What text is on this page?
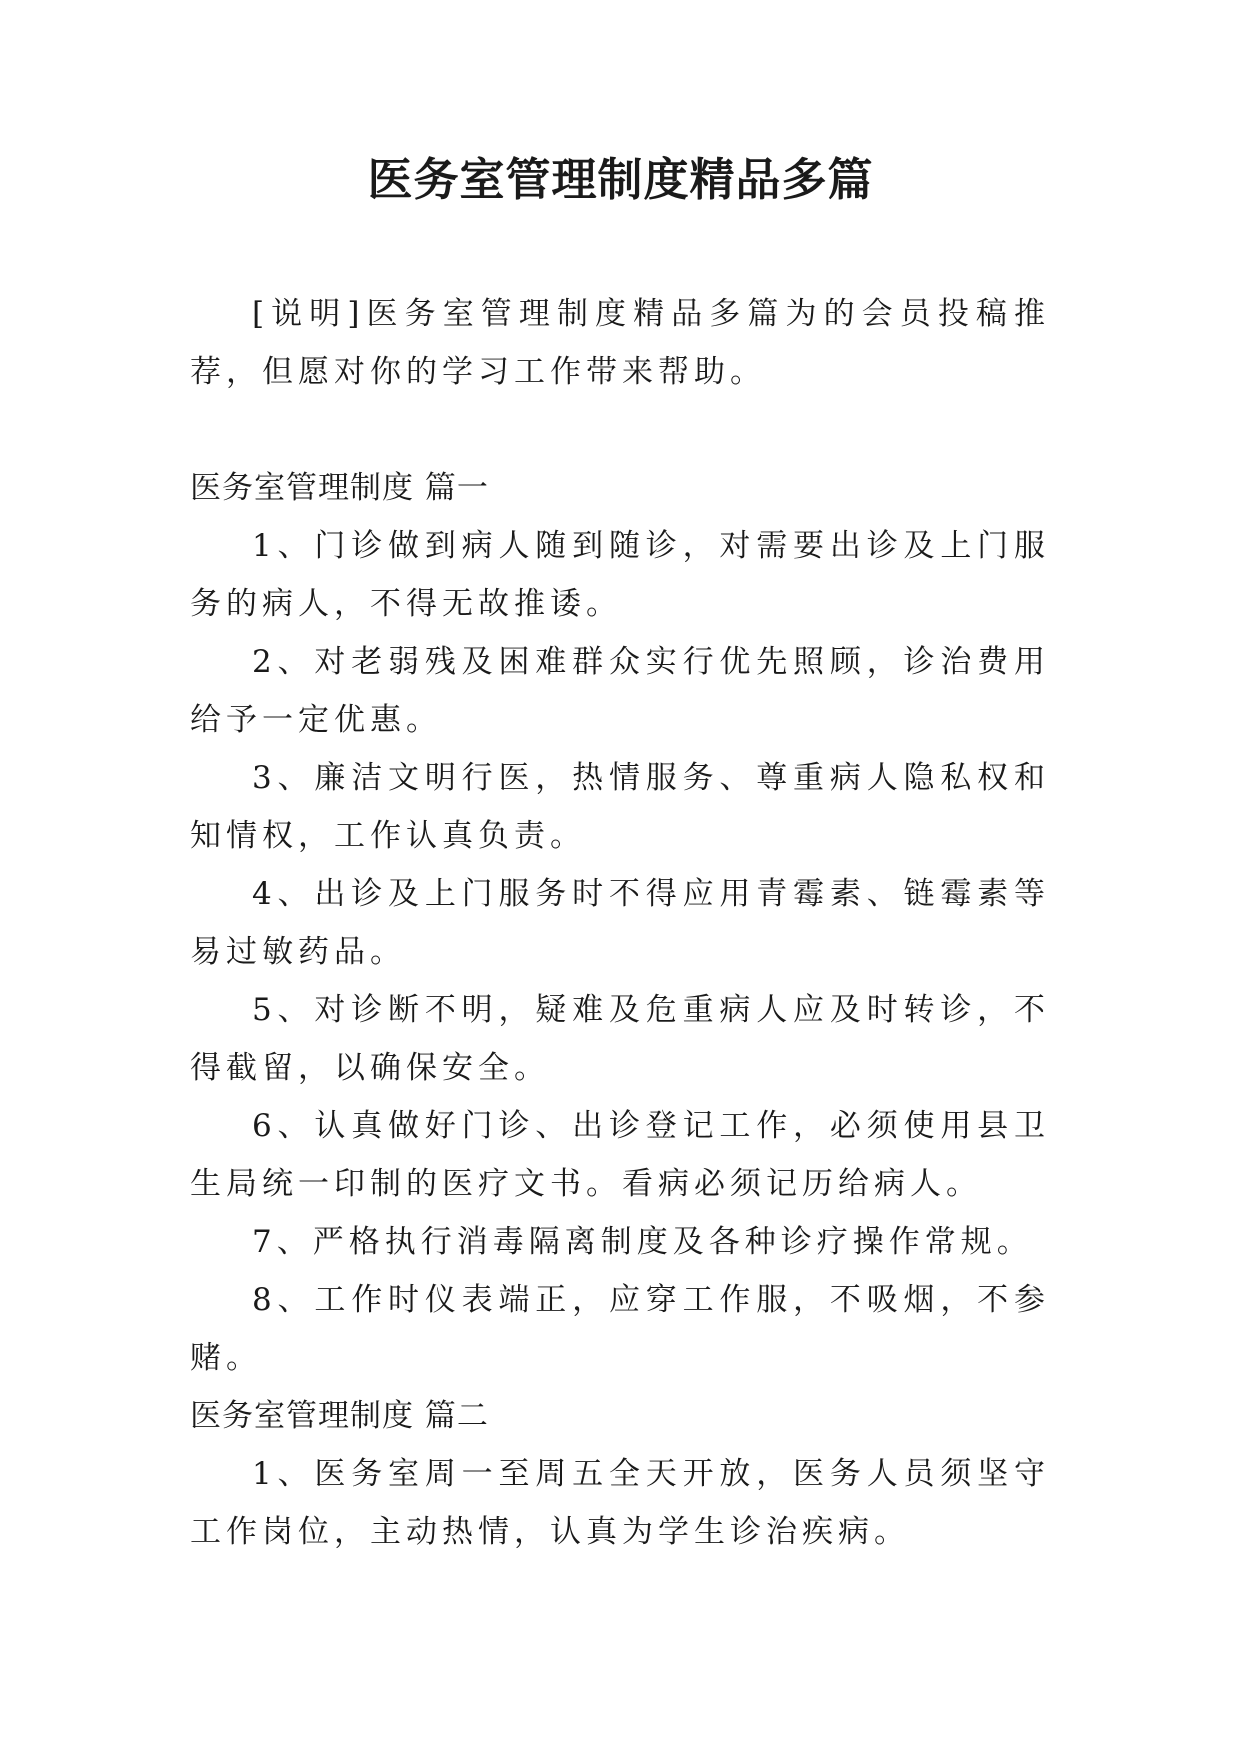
医务室管理制度精品多篇

[说明]医务室管理制度精品多篇为的会员投稿推荐，但愿对你的学习工作带来帮助。

医务室管理制度 篇一

1、门诊做到病人随到随诊，对需要出诊及上门服务的病人，不得无故推诿。

2、对老弱残及困难群众实行优先照顾，诊治费用给予一定优惠。

3、廉洁文明行医，热情服务、尊重病人隐私权和知情权，工作认真负责。

4、出诊及上门服务时不得应用青霉素、链霉素等易过敏药品。

5、对诊断不明，疑难及危重病人应及时转诊，不得截留，以确保安全。

6、认真做好门诊、出诊登记工作，必须使用县卫生局统一印制的医疗文书。看病必须记历给病人。

7、严格执行消毒隔离制度及各种诊疗操作常规。

8、工作时仪表端正，应穿工作服，不吸烟，不参赌。

医务室管理制度 篇二

1、医务室周一至周五全天开放，医务人员须坚守工作岗位，主动热情，认真为学生诊治疾病。
